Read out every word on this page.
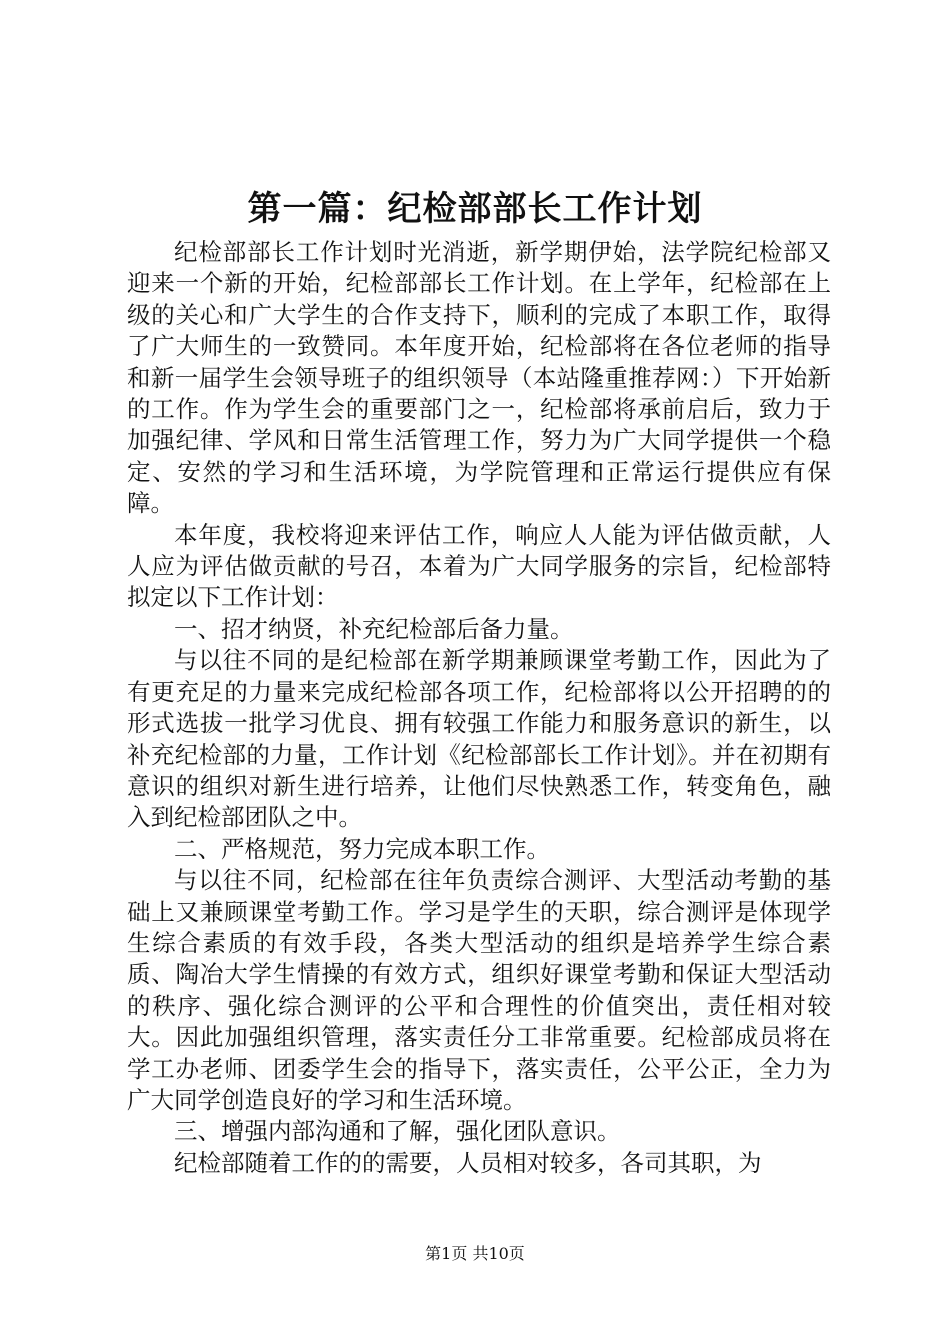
第一篇：纪检部部长工作计划

纪检部部长工作计划时光消逝，新学期伊始，法学院纪检部又迎来一个新的开始，纪检部部长工作计划。在上学年，纪检部在上级的关心和广大学生的合作支持下，顺利的完成了本职工作，取得了广大师生的一致赞同。本年度开始，纪检部将在各位老师的指导和新一届学生会领导班子的组织领导（本站隆重推荐网：）下开始新的工作。作为学生会的重要部门之一，纪检部将承前启后，致力于加强纪律、学风和日常生活管理工作，努力为广大同学提供一个稳定、安然的学习和生活环境，为学院管理和正常运行提供应有保障。

本年度，我校将迎来评估工作，响应人人能为评估做贡献，人人应为评估做贡献的号召，本着为广大同学服务的宗旨，纪检部特拟定以下工作计划：

一、招才纳贤，补充纪检部后备力量。

与以往不同的是纪检部在新学期兼顾课堂考勤工作，因此为了有更充足的力量来完成纪检部各项工作，纪检部将以公开招聘的的形式选拔一批学习优良、拥有较强工作能力和服务意识的新生，以补充纪检部的力量，工作计划《纪检部部长工作计划》。并在初期有意识的组织对新生进行培养，让他们尽快熟悉工作，转变角色，融入到纪检部团队之中。

二、严格规范，努力完成本职工作。

与以往不同，纪检部在往年负责综合测评、大型活动考勤的基础上又兼顾课堂考勤工作。学习是学生的天职，综合测评是体现学生综合素质的有效手段，各类大型活动的组织是培养学生综合素质、陶冶大学生情操的有效方式，组织好课堂考勤和保证大型活动的秩序、强化综合测评的公平和合理性的价值突出，责任相对较大。因此加强组织管理，落实责任分工非常重要。纪检部成员将在学工办老师、团委学生会的指导下，落实责任，公平公正，全力为广大同学创造良好的学习和生活环境。

三、增强内部沟通和了解，强化团队意识。

纪检部随着工作的的需要，人员相对较多，各司其职，为

第1页 共10页
